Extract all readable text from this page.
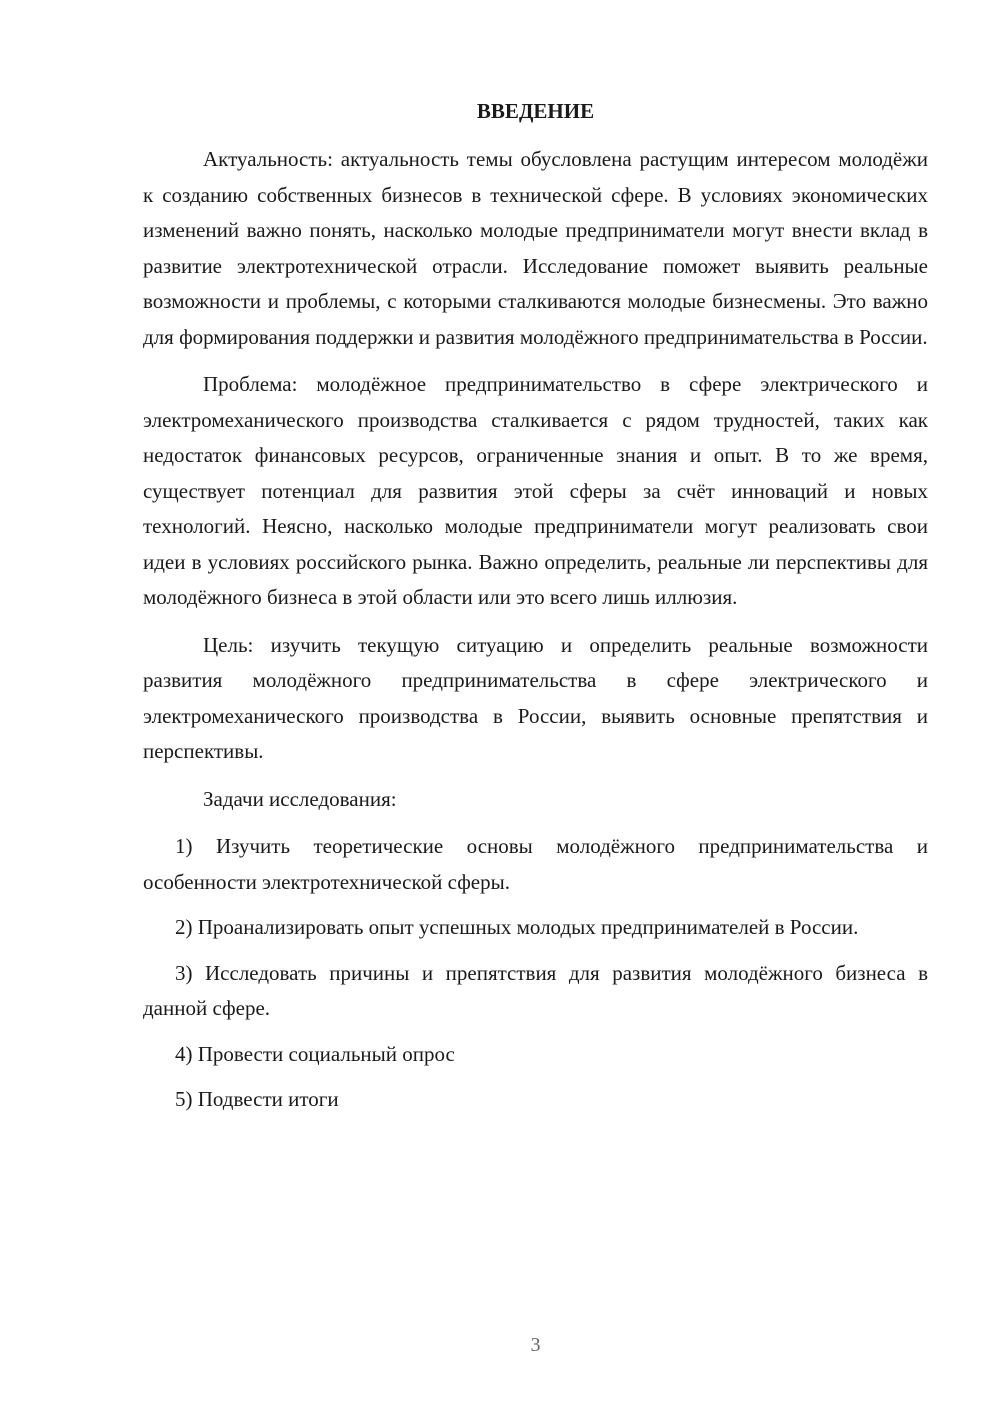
ВВЕДЕНИЕ

Актуальность: актуальность темы обусловлена растущим интересом молодёжи к созданию собственных бизнесов в технической сфере. В условиях экономических изменений важно понять, насколько молодые предприниматели могут внести вклад в развитие электротехнической отрасли. Исследование поможет выявить реальные возможности и проблемы, с которыми сталкиваются молодые бизнесмены. Это важно для формирования поддержки и развития молодёжного предпринимательства в России.

Проблема: молодёжное предпринимательство в сфере электрического и электромеханического производства сталкивается с рядом трудностей, таких как недостаток финансовых ресурсов, ограниченные знания и опыт. В то же время, существует потенциал для развития этой сферы за счёт инноваций и новых технологий. Неясно, насколько молодые предприниматели могут реализовать свои идеи в условиях российского рынка. Важно определить, реальные ли перспективы для молодёжного бизнеса в этой области или это всего лишь иллюзия.

Цель: изучить текущую ситуацию и определить реальные возможности развития молодёжного предпринимательства в сфере электрического и электромеханического производства в России, выявить основные препятствия и перспективы.

Задачи исследования:

1) Изучить теоретические основы молодёжного предпринимательства и особенности электротехнической сферы.

2) Проанализировать опыт успешных молодых предпринимателей в России.

3) Исследовать причины и препятствия для развития молодёжного бизнеса в данной сфере.

4) Провести социальный опрос

5) Подвести итоги

3
